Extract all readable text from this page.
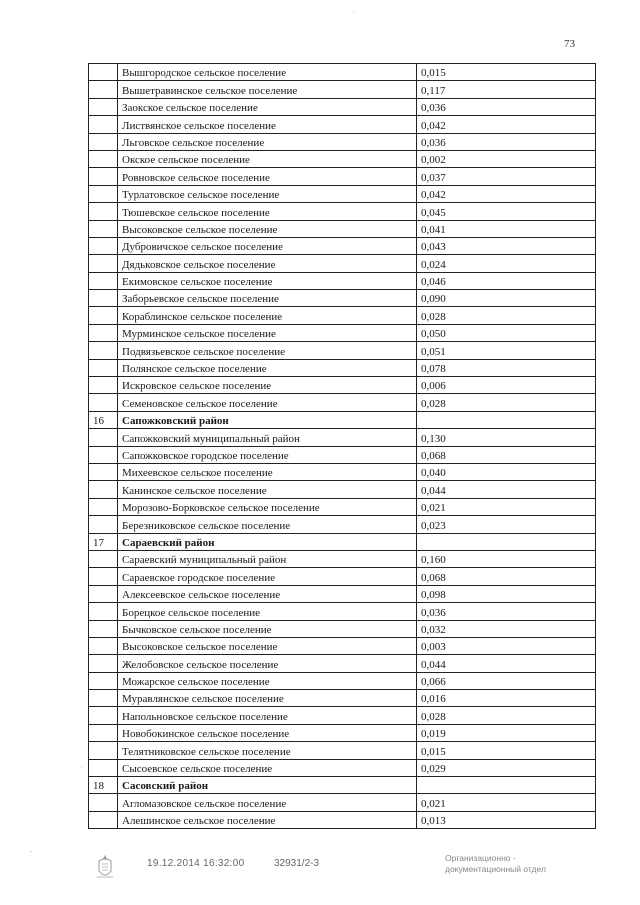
73
ˈ
ˈ
.
	Вышгородское сельское поселение	0,015
	Вышетравинское сельское поселение	0,117
	Заокское сельское поселение	0,036
	Листвянское сельское поселение	0,042
	Льговское сельское поселение	0,036
	Окское сельское поселение	0,002
	Ровновское сельское поселение	0,037
	Турлатовское сельское поселение	0,042
	Тюшевское сельское поселение	0,045
	Высоковское сельское поселение	0,041
	Дубровичское сельское поселение	0,043
	Дядьковское сельское поселение	0,024
	Екимовское сельское поселение	0,046
	Заборьевское сельское поселение	0,090
	Кораблинское сельское поселение	0,028
	Мурминское сельское поселение	0,050
	Подвязьевское сельское поселение	0,051
	Полянское сельское поселение	0,078
	Искровское сельское поселение	0,006
	Семеновское сельское поселение	0,028
16	Сапожковский район	
	Сапожковский муниципальный район	0,130
	Сапожковское городское поселение	0,068
	Михеевское сельское поселение	0,040
	Канинское сельское поселение	0,044
	Морозово-Борковское сельское поселение	0,021
	Березниковское сельское поселение	0,023
17	Сараевский район	
	Сараевский муниципальный район	0,160
	Сараевское городское поселение	0,068
	Алексеевское сельское поселение	0,098
	Борецкое сельское поселение	0,036
	Бычковское сельское поселение	0,032
	Высоковское сельское поселение	0,003
	Желобовское сельское поселение	0,044
	Можарское сельское поселение	0,066
	Муравлянское сельское поселение	0,016
	Напольновское сельское поселение	0,028
	Новобокинское сельское поселение	0,019
	Телятниковское сельское поселение	0,015
	Сысоевское сельское поселение	0,029
18	Сасовский район	
	Агломазовское сельское поселение	0,021
	Алешинское сельское поселение	0,013
19.12.2014 16:32:00	32931/2-3	Организационно -
документационный отдел
